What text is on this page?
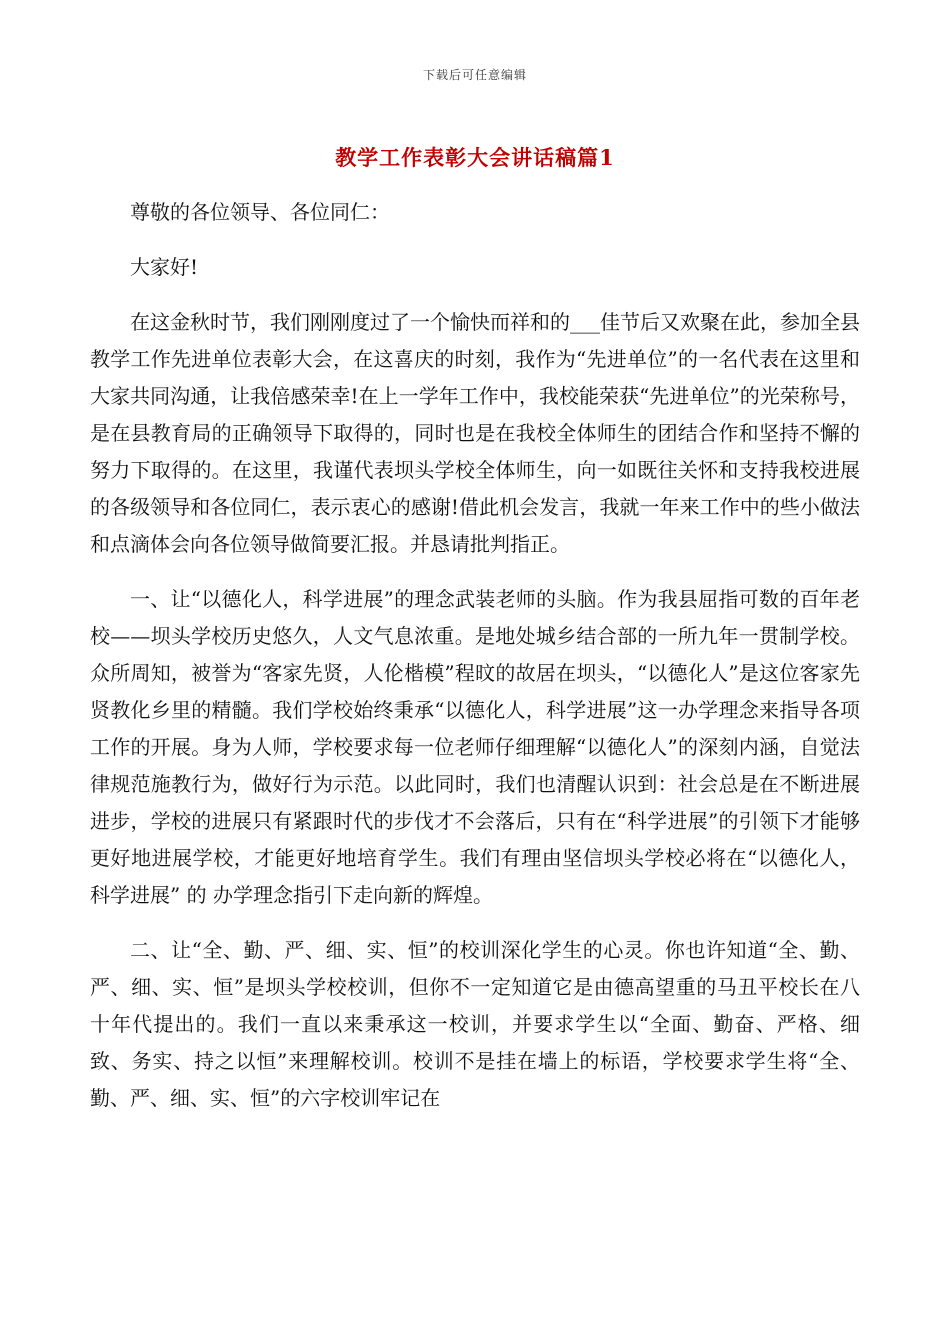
下载后可任意编辑
教学工作表彰大会讲话稿篇1

尊敬的各位领导、各位同仁：

大家好!

在这金秋时节，我们刚刚度过了一个愉快而祥和的___佳节后又欢聚在此，参加全县教学工作先进单位表彰大会，在这喜庆的时刻，我作为“先进单位”的一名代表在这里和大家共同沟通，让我倍感荣幸!在上一学年工作中，我校能荣获“先进单位”的光荣称号，是在县教育局的正确领导下取得的，同时也是在我校全体师生的团结合作和坚持不懈的努力下取得的。在这里，我谨代表坝头学校全体师生，向一如既往关怀和支持我校进展的各级领导和各位同仁，表示衷心的感谢!借此机会发言，我就一年来工作中的些小做法和点滴体会向各位领导做简要汇报。并恳请批判指正。

一、让“以德化人，科学进展”的理念武装老师的头脑。作为我县屈指可数的百年老校——坝头学校历史悠久，人文气息浓重。是地处城乡结合部的一所九年一贯制学校。众所周知，被誉为“客家先贤，人伦楷模”程旼的故居在坝头，“以德化人”是这位客家先贤教化乡里的精髓。我们学校始终秉承“以德化人，科学进展”这一办学理念来指导各项工作的开展。身为人师，学校要求每一位老师仔细理解“以德化人”的深刻内涵，自觉法律规范施教行为，做好行为示范。以此同时，我们也清醒认识到：社会总是在不断进展进步，学校的进展只有紧跟时代的步伐才不会落后，只有在“科学进展”的引领下才能够更好地进展学校，才能更好地培育学生。我们有理由坚信坝头学校必将在“以德化人，科学进展” 的 办学理念指引下走向新的辉煌。

二、让“全、勤、严、细、实、恒”的校训深化学生的心灵。你也许知道“全、勤、严、细、实、恒”是坝头学校校训，但你不一定知道它是由德高望重的马丑平校长在八十年代提出的。我们一直以来秉承这一校训，并要求学生以“全面、勤奋、严格、细致、务实、持之以恒”来理解校训。校训不是挂在墙上的标语，学校要求学生将“全、勤、严、细、实、恒”的六字校训牢记在
